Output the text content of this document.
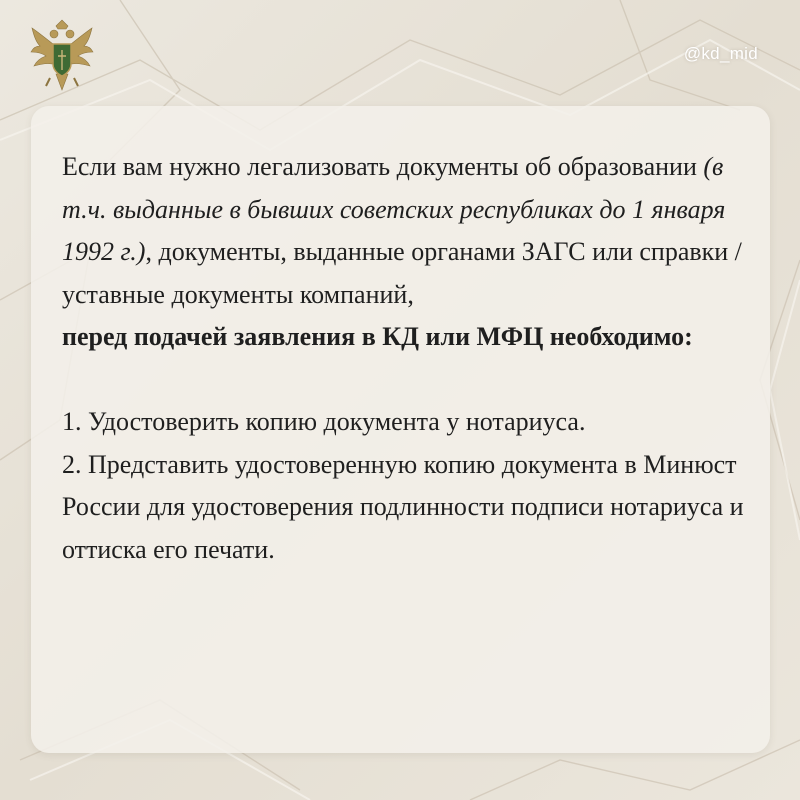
@kd_mid

Если вам нужно легализовать документы об образовании (в т.ч. выданные в бывших советских республиках до 1 января 1992 г.), документы, выданные органами ЗАГС или справки / уставные документы компаний,

перед подачей заявления в КД или МФЦ необходимо:

1. Удостоверить копию документа у нотариуса.

2. Представить удостоверенную копию документа в Минюст России для удостоверения подлинности подписи нотариуса и оттиска его печати.
